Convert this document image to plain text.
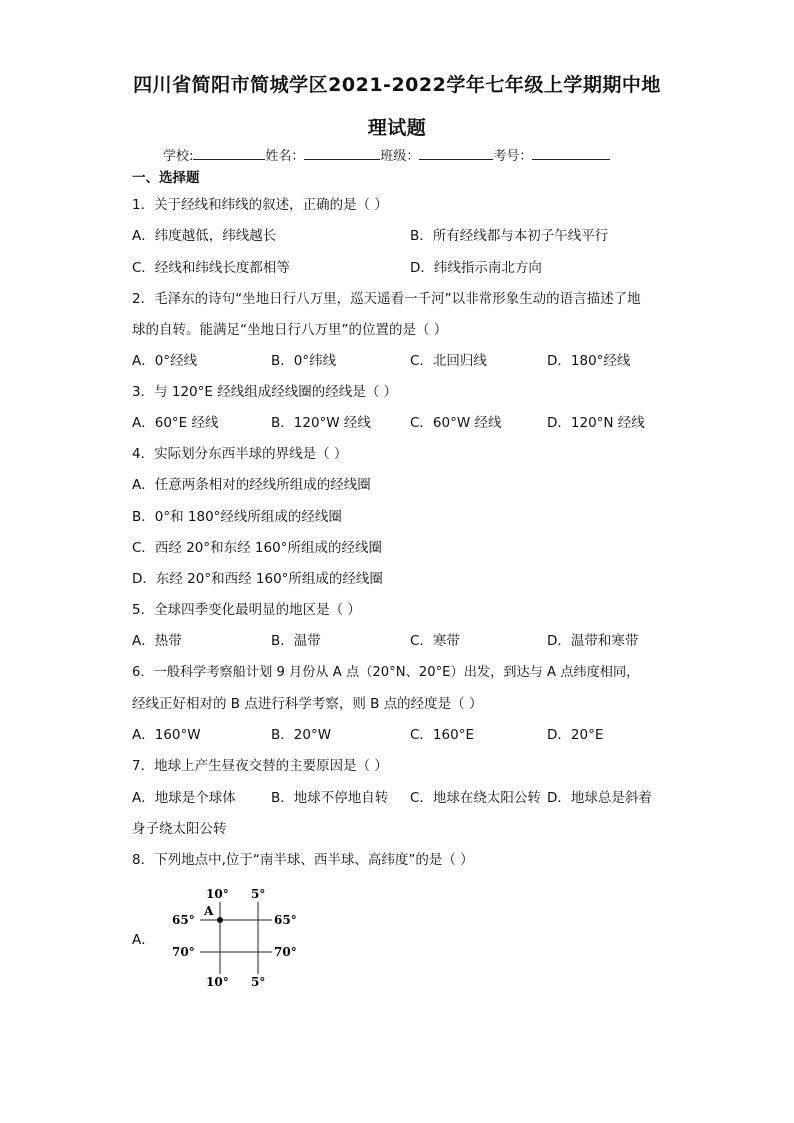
四川省简阳市简城学区2021-2022学年七年级上学期期中地
理试题
学校:	姓名：	班级：	考号：
一、选择题
1．关于经线和纬线的叙述，正确的是（ ）
A．纬度越低，纬线越长	B．所有经线都与本初子午线平行
C．经线和纬线长度都相等	D．纬线指示南北方向
2．毛泽东的诗句“坐地日行八万里，巡天遥看一千河”以非常形象生动的语言描述了地
球的自转。能满足“坐地日行八万里”的位置的是（ ）
A．0°经线	B．0°纬线	C．北回归线	D．180°经线
3．与 120°E 经线组成经线圈的经线是（ ）
A．60°E 经线	B．120°W 经线	C．60°W 经线	D．120°N 经线
4．实际划分东西半球的界线是（ ）
A．任意两条相对的经线所组成的经线圈
B．0°和 180°经线所组成的经线圈
C．西经 20°和东经 160°所组成的经线圈
D．东经 20°和西经 160°所组成的经线圈
5．全球四季变化最明显的地区是（ ）
A．热带	B．温带	C．寒带	D．温带和寒带
6．一般科学考察船计划 9 月份从 A 点（20°N、20°E）出发，到达与 A 点纬度相同，
经线正好相对的 B 点进行科学考察，则 B 点的经度是（ ）
A．160°W	B．20°W	C．160°E	D．20°E
7．地球上产生昼夜交替的主要原因是（ ）
A．地球是个球体	B．地球不停地自转 C．地球在绕太阳公转 D．地球总是斜着
身子绕太阳公转
8．下列地点中,位于“南半球、西半球、高纬度”的是（ ）
A．
10° 5°
A
65°	65°
70°	70°
10° 5°
